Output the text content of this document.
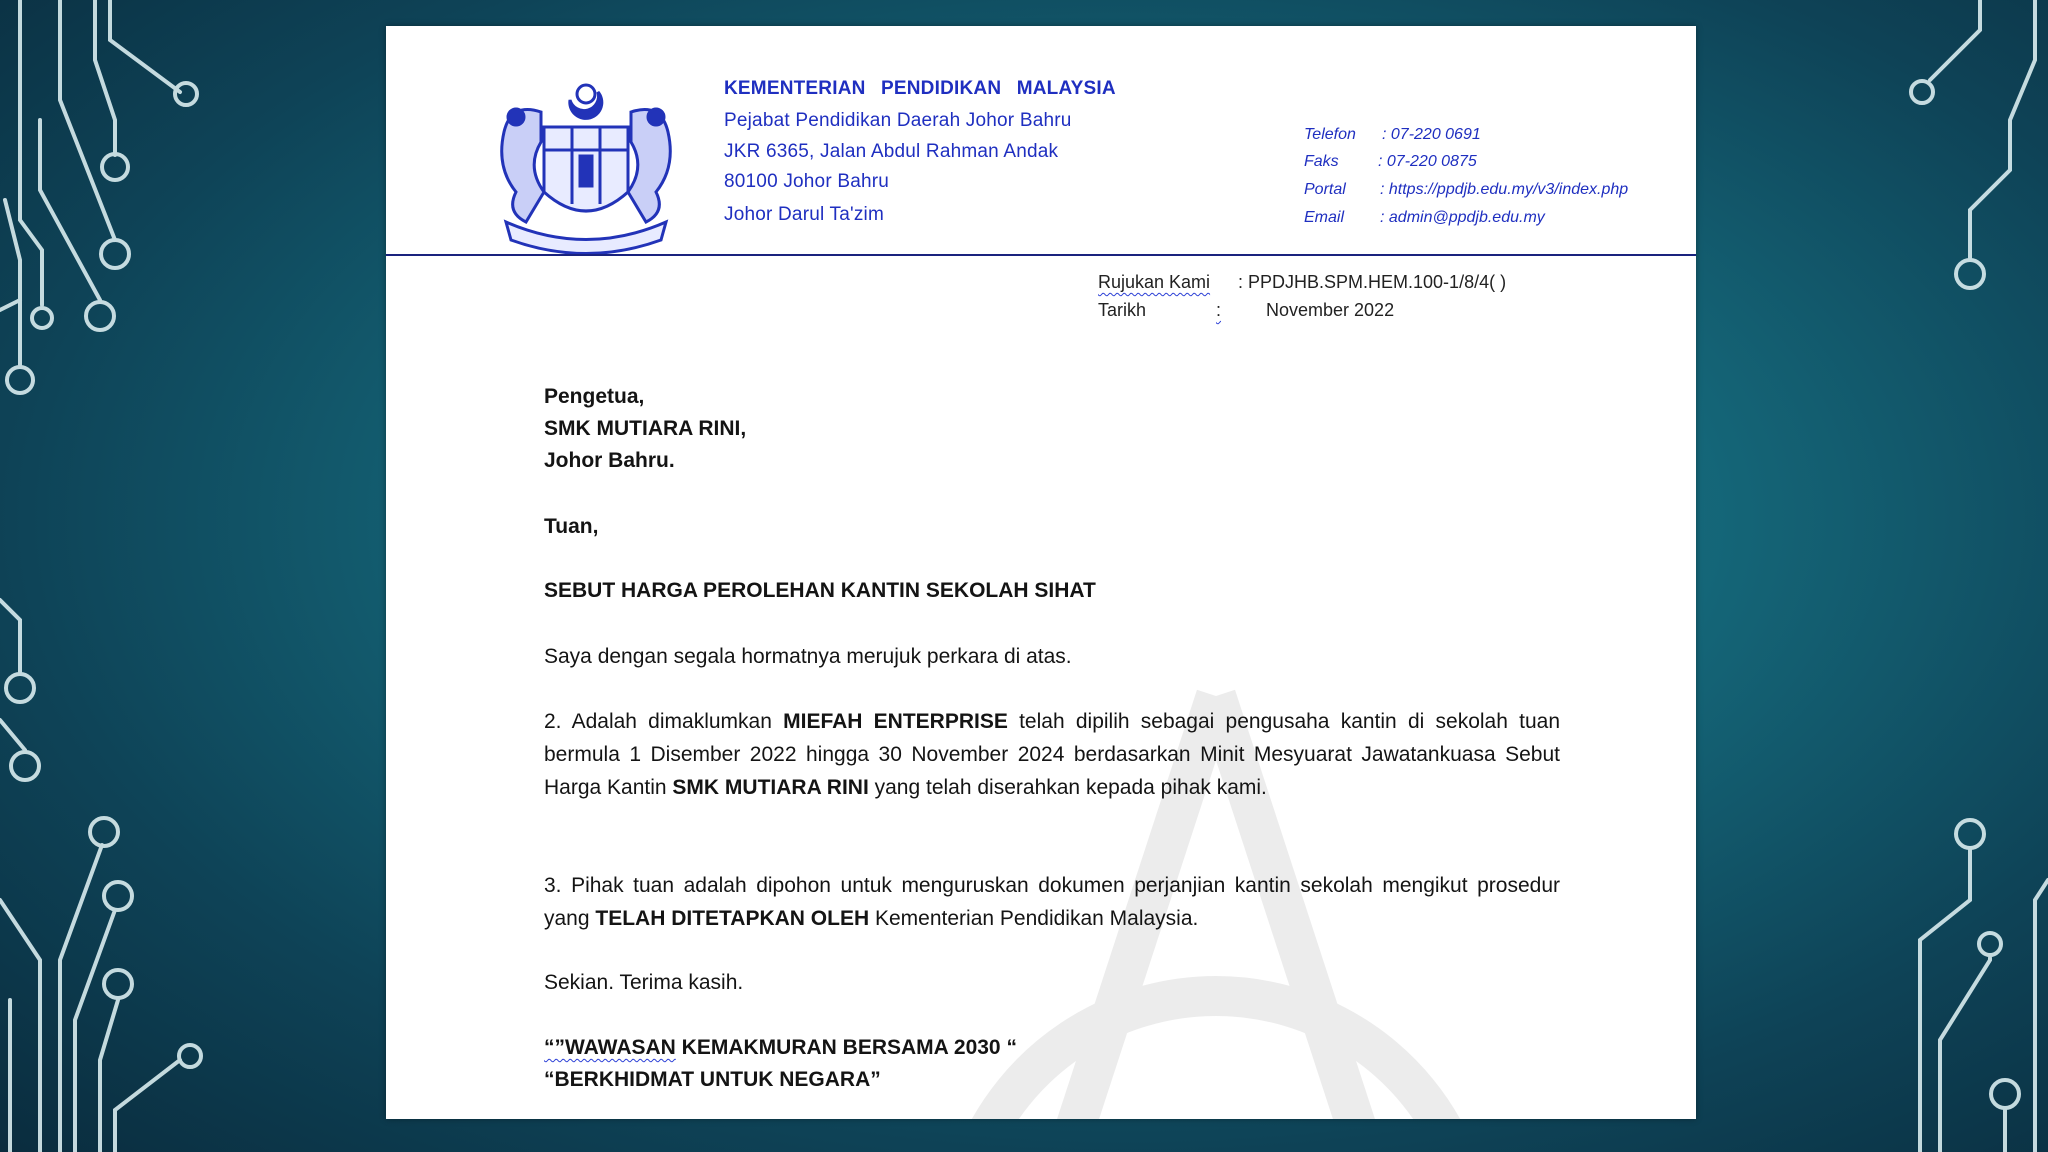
KEMENTERIAN PENDIDIKAN MALAYSIA
Pejabat Pendidikan Daerah Johor Bahru
JKR 6365, Jalan Abdul Rahman Andak
80100 Johor Bahru
Johor Darul Ta'zim
Telefon : 07-220 0691
Faks : 07-220 0875
Portal : https://ppdjb.edu.my/v3/index.php
Email : admin@ppdjb.edu.my
Rujukan Kami : PPDJHB.SPM.HEM.100-1/8/4( )
Tarikh	: November 2022
Pengetua,
SMK MUTIARA RINI,
Johor Bahru.
Tuan,
SEBUT HARGA PEROLEHAN KANTIN SEKOLAH SIHAT
Saya dengan segala hormatnya merujuk perkara di atas.
2. Adalah dimaklumkan MIEFAH ENTERPRISE telah dipilih sebagai pengusaha kantin di sekolah tuan bermula 1 Disember 2022 hingga 30 November 2024 berdasarkan Minit Mesyuarat Jawatankuasa Sebut Harga Kantin SMK MUTIARA RINI yang telah diserahkan kepada pihak kami.
3. Pihak tuan adalah dipohon untuk menguruskan dokumen perjanjian kantin sekolah mengikut prosedur yang TELAH DITETAPKAN OLEH Kementerian Pendidikan Malaysia.
Sekian. Terima kasih.
“”WAWASAN KEMAKMURAN BERSAMA 2030 “
“BERKHIDMAT UNTUK NEGARA”
